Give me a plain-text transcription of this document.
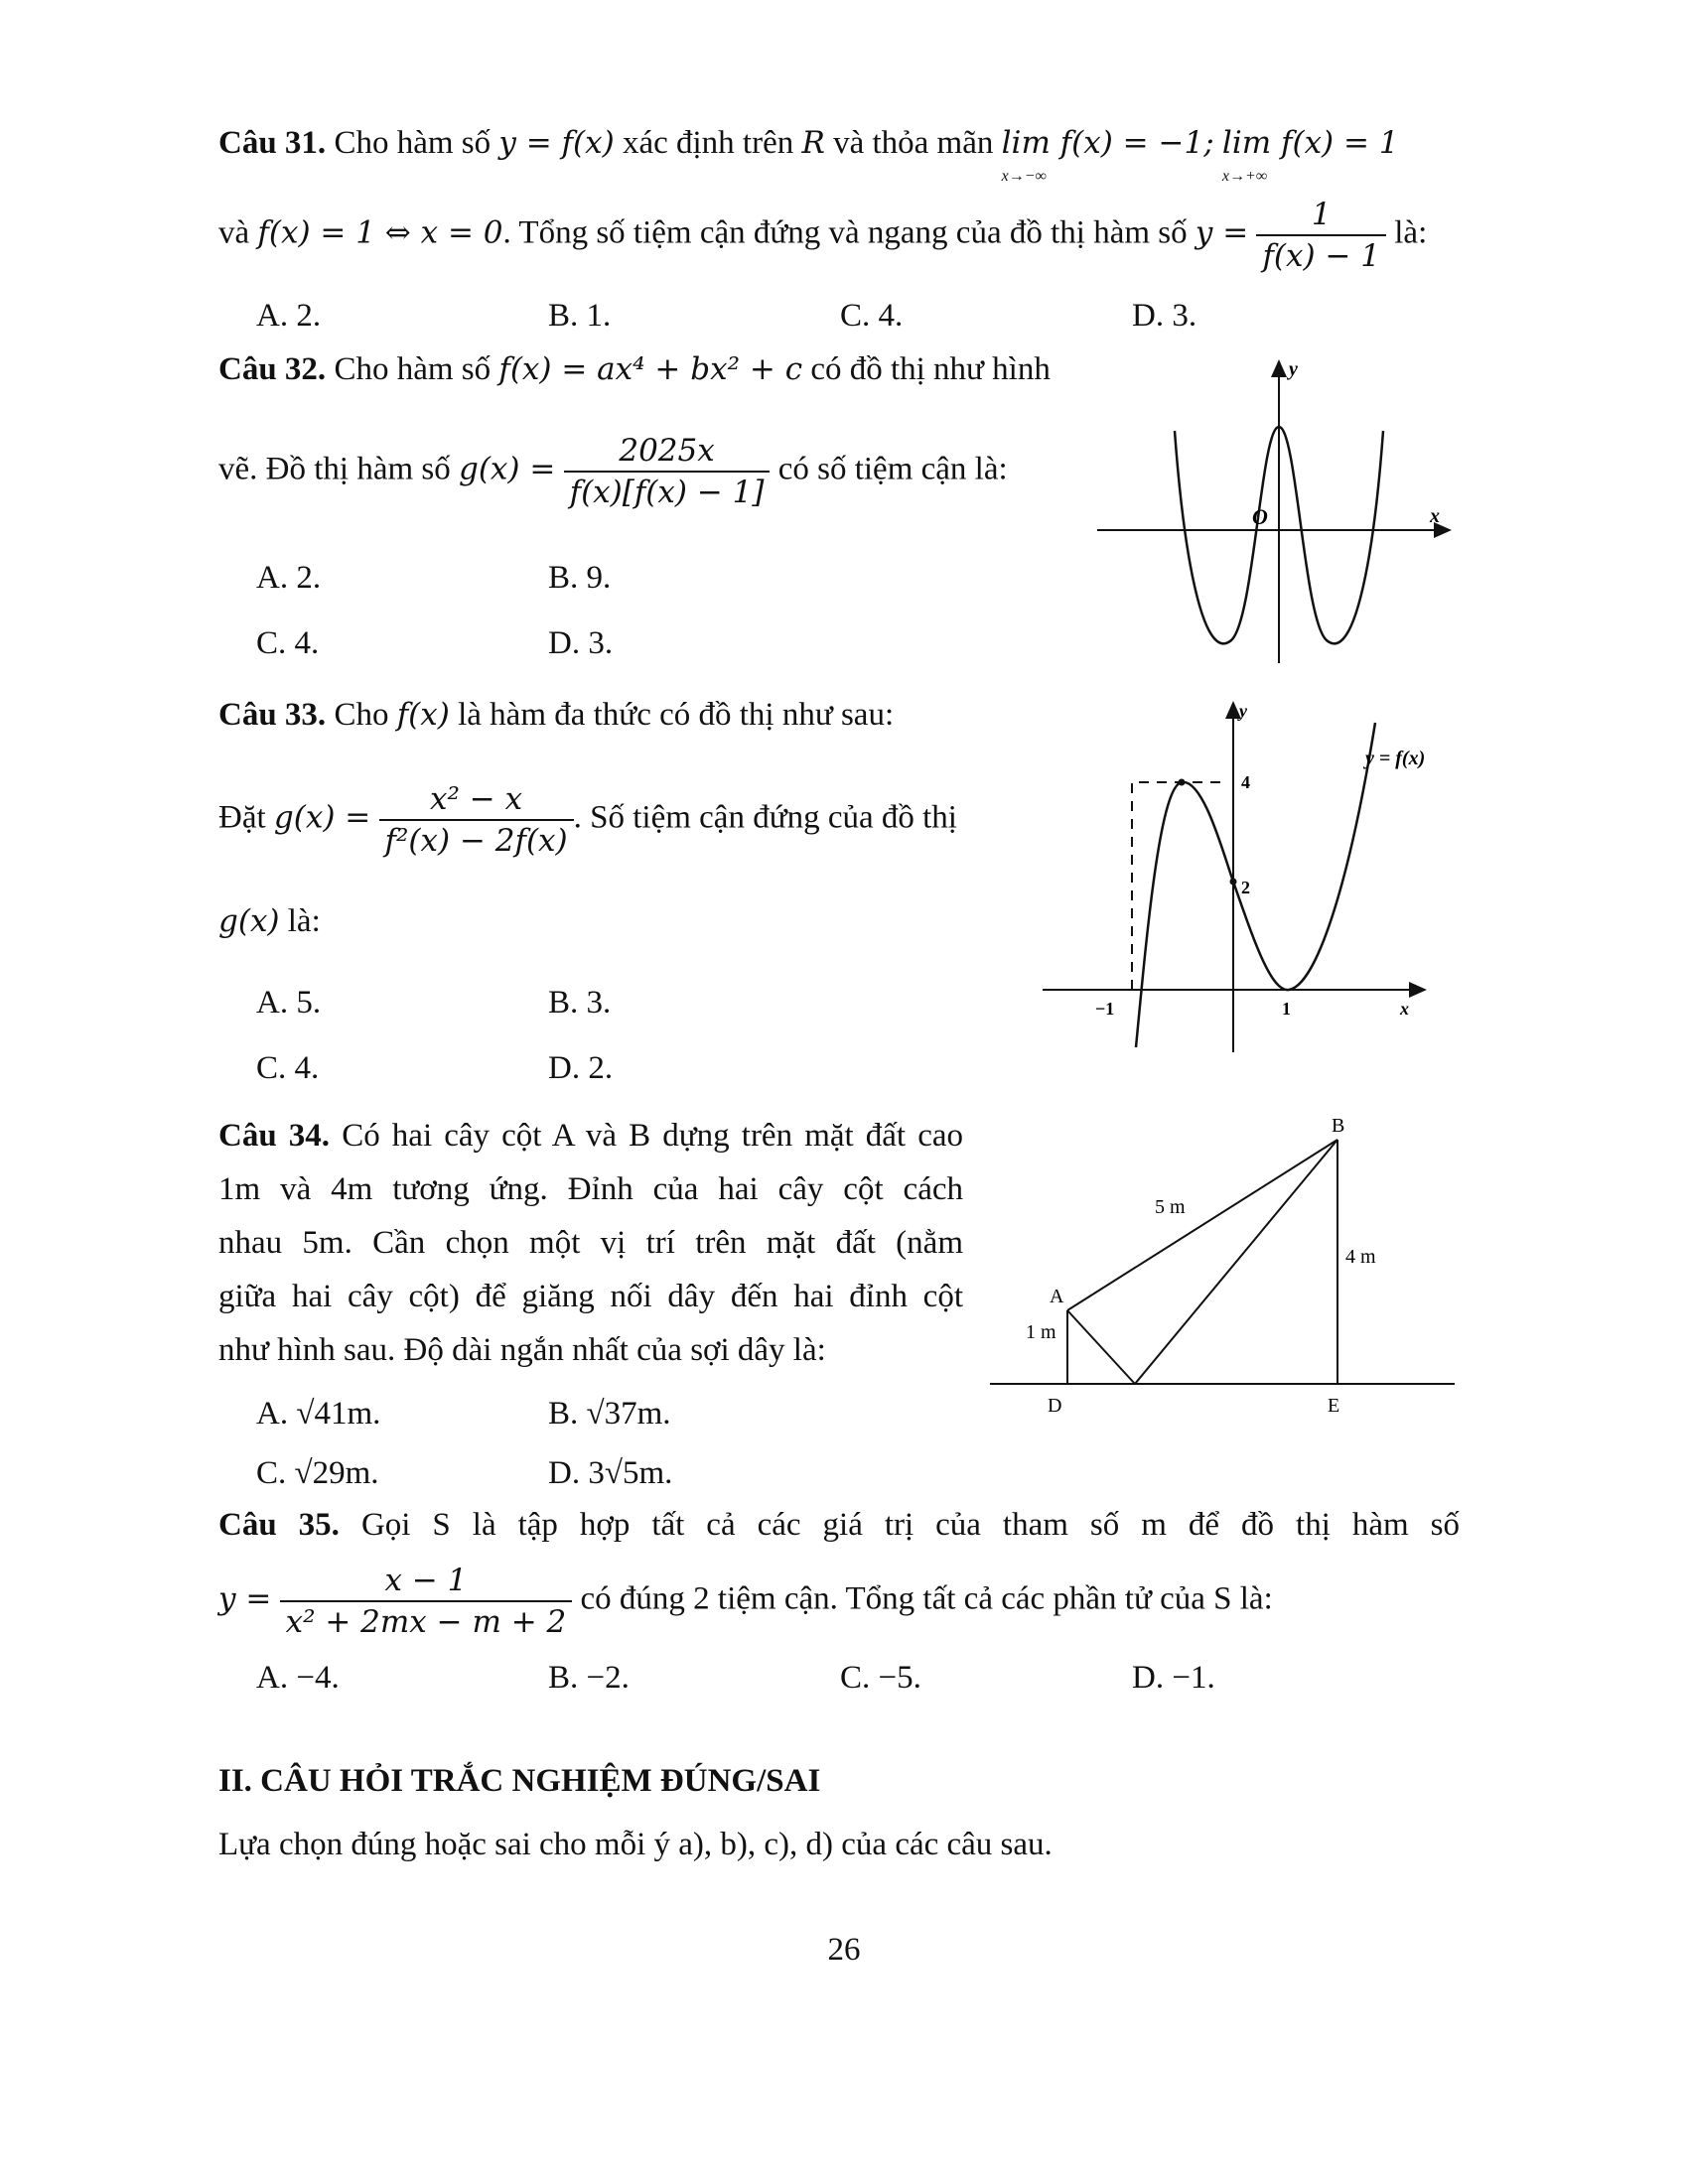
Câu 31. Cho hàm số y = f(x) xác định trên R và thỏa mãn lim f(x) = −1;
x→−∞
lim f(x) = 1
x→+∞
và f(x) = 1 ⇔ x = 0. Tổng số tiệm cận đứng và ngang của đồ thị hàm số $y = \frac{1}{f(x) - 1}$ là:
A. 2.	B. 1.	C. 4.	D. 3.
Câu 32. Cho hàm số f(x) = ax⁴ + bx² + c có đồ thị như hình
vẽ. Đồ thị hàm số $g(x) = \frac{2025x}{f(x)[f(x) - 1]}$ có số tiệm cận là:
A. 2.	B. 9.
C. 4.	D. 3.
y
x
O
Câu 33. Cho f(x) là hàm đa thức có đồ thị như sau:
Đặt $g(x) = \frac{\text{x² − x}}{\text{f²(x) − 2f(x)}}$ . Số tiệm cận đứng của đồ thị
g(x) là:
A. 5.	B. 3.
C. 4.	D. 2.
y
x
y = f(x)
4
2
−1	1
Câu 34. Có hai cây cột A và B dựng trên mặt đất cao
1m và 4m tương ứng. Đỉnh của hai cây cột cách
nhau 5m. Cần chọn một vị trí trên mặt đất (nằm
giữa hai cây cột) để giăng nối dây đến hai đỉnh cột
như hình sau. Độ dài ngắn nhất của sợi dây là:
A. √41m.	B. √37m.
C. √29m.	D. 3√5m.
A
B
D	E
5 m
4 m
1 m
Câu 35. Gọi S là tập hợp tất cả các giá trị của tham số m để đồ thị hàm số
$y = \frac{x - 1}{\text{x² + 2mx − m + 2}}$ có đúng 2 tiệm cận. Tổng tất cả các phần tử của S là:
A. −4.	B. −2.	C. −5.	D. −1.
II. CÂU HỎI TRẮC NGHIỆM ĐÚNG/SAI
Lựa chọn đúng hoặc sai cho mỗi ý a), b), c), d) của các câu sau.
26
